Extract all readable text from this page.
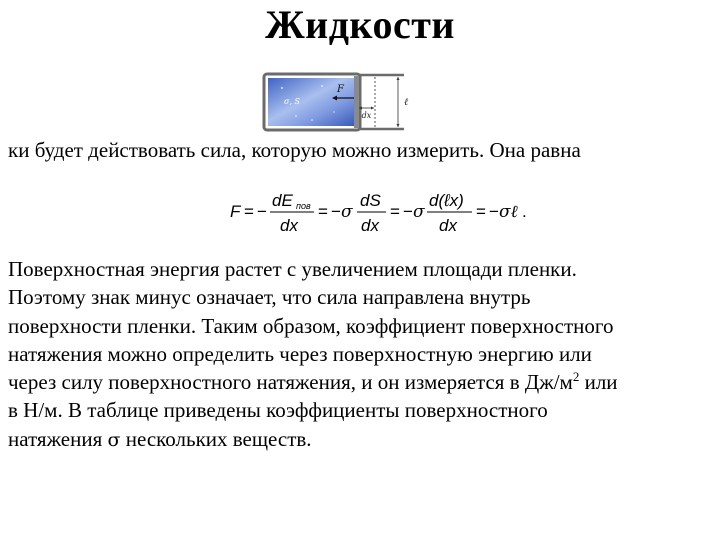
Жидкости
dx
ℓ
F
σ, S
ки будет действовать сила, которую можно измерить. Она равна
F = −
dE пов
dx
= − σ
dS
dx
= − σ
d(ℓx)
dx
= − σℓ .
Поверхностная энергия растет с увеличением площади пленки.
Поэтому знак минус означает, что сила направлена внутрь
поверхности пленки. Таким образом, коэффициент поверхностного
натяжения можно определить через поверхностную энергию или
через силу поверхностного натяжения, и он измеряется в $Дж/м^2$ или
в Н/м. В таблице приведены коэффициенты поверхностного
натяжения σ нескольких веществ.
